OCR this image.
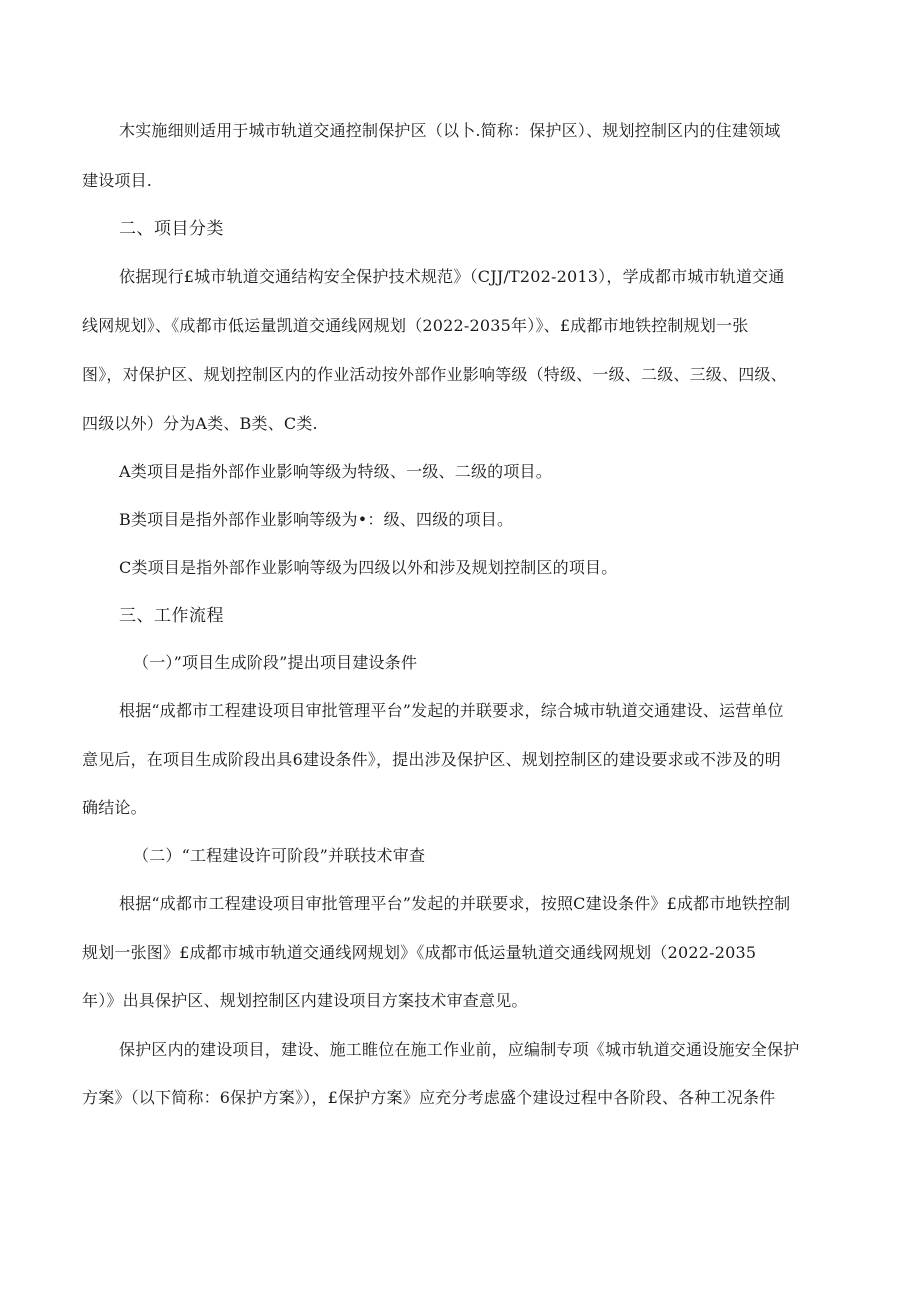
木实施细则适用于城市轨道交通控制保护区（以卜.简称：保护区）、规划控制区内的住建领域
建设项目.
二、项目分类
依据现行£城市轨道交通结构安全保护技术规范》（CJJ/T202-2013），学成都市城市轨道交通
线网规划》、《成都市低运量凯道交通线网规划（2022-2035年）》、£成都市地铁控制规划一张
图》，对保护区、规划控制区内的作业活动按外部作业影响等级（特级、一级、二级、三级、四级、
四级以外）分为A类、B类、C类.
A类项目是指外部作业影响等级为特级、一级、二级的项目。
B类项目是指外部作业影响等级为•：级、四级的项目。
C类项目是指外部作业影响等级为四级以外和涉及规划控制区的项目。
三、工作流程
（一）”项目生成阶段”提出项目建设条件
根据“成都市工程建设项目审批管理平台”发起的并联要求，综合城市轨道交通建设、运营单位
意见后，在项目生成阶段出具6建设条件》，提出涉及保护区、规划控制区的建设要求或不涉及的明
确结论。
（二）“工程建设许可阶段”并联技术审查
根据“成都市工程建设项目审批管理平台”发起的并联要求，按照C建设条件》£成都市地铁控制
规划一张图》£成都市城市轨道交通线网规划》《成都市低运量轨道交通线网规划（2022-2035
年）》出具保护区、规划控制区内建设项目方案技术审查意见。
保护区内的建设项目，建设、施工睢位在施工作业前，应编制专项《城市轨道交通设施安全保护
方案》（以下简称：6保护方案》），£保护方案》应充分考虑盛个建设过程中各阶段、各种工况条件
